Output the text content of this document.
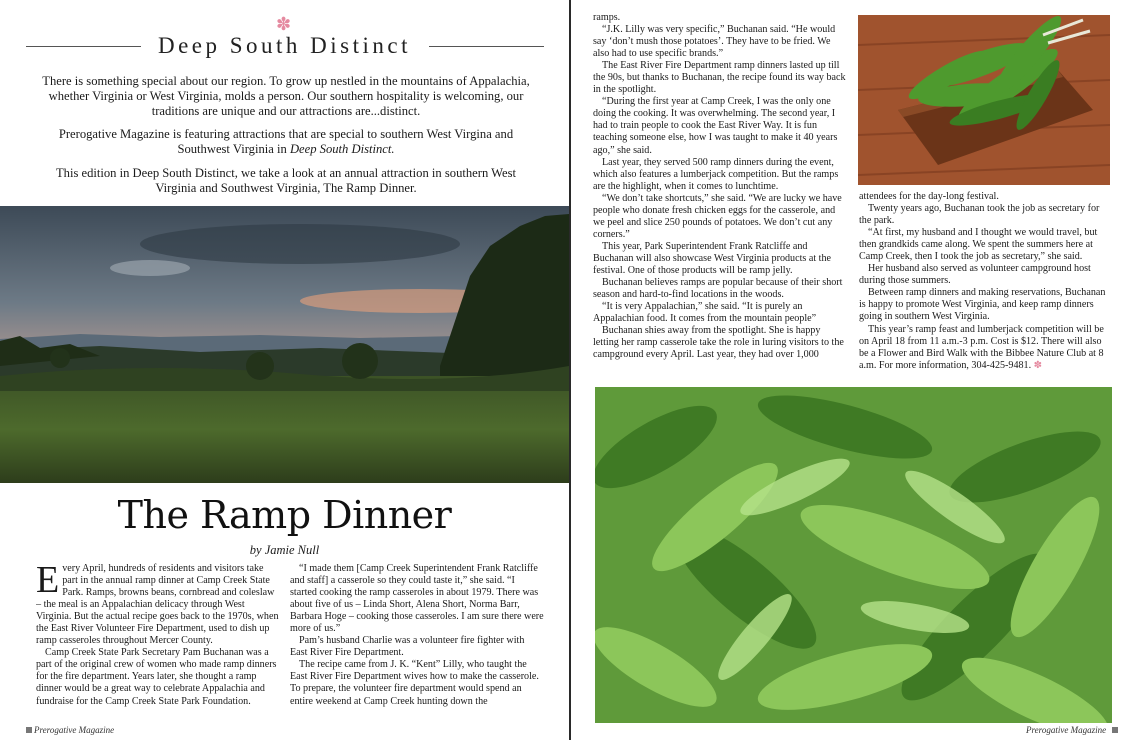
✽
Deep South Distinct

There is something special about our region. To grow up nestled in the mountains of Appalachia, whether Virginia or West Virginia, molds a person. Our southern hospitality is welcoming, our traditions are unique and our attractions are...distinct.

Prerogative Magazine is featuring attractions that are special to southern West Virgina and Southwest Virginia in Deep South Distinct.

This edition in Deep South Distinct, we take a look at an annual attraction in southern West Virginia and Southwest Virginia, The Ramp Dinner.

The Ramp Dinner
by Jamie Null

Every April, hundreds of residents and visitors take part in the annual ramp dinner at Camp Creek State Park. Ramps, browns beans, cornbread and coleslaw – the meal is an Appalachian delicacy through West Virginia. But the actual recipe goes back to the 1970s, when the East River Volunteer Fire Department, used to dish up ramp casseroles throughout Mercer County.

Camp Creek State Park Secretary Pam Buchanan was a part of the original crew of women who made ramp dinners for the fire department. Years later, she thought a ramp dinner would be a great way to celebrate Appalachia and fundraise for the Camp Creek State Park Foundation.

“I made them [Camp Creek Superintendent Frank Ratcliffe and staff] a casserole so they could taste it,” she said. “I started cooking the ramp casseroles in about 1979. There was about five of us – Linda Short, Alena Short, Norma Barr, Barbara Hoge – cooking those casseroles. I am sure there were more of us.”

Pam’s husband Charlie was a volunteer fire fighter with East River Fire Department.

The recipe came from J. K. “Kent” Lilly, who taught the East River Fire Department wives how to make the casserole. To prepare, the volunteer fire department would spend an entire weekend at Camp Creek hunting down the

Prerogative Magazine

ramps.

“J.K. Lilly was very specific,” Buchanan said. “He would say ‘don’t mush those potatoes’. They have to be fried. We also had to use specific brands.”

The East River Fire Department ramp dinners lasted up till the 90s, but thanks to Buchanan, the recipe found its way back in the spotlight.

“During the first year at Camp Creek, I was the only one doing the cooking. It was overwhelming. The second year, I had to train people to cook the East River Way. It is fun teaching someone else, how I was taught to make it 40 years ago,” she said.

Last year, they served 500 ramp dinners during the event, which also features a lumberjack competition. But the ramps are the highlight, when it comes to lunchtime.

“We don’t take shortcuts,” she said. “We are lucky we have people who donate fresh chicken eggs for the casserole, and we peel and slice 250 pounds of potatoes. We don’t cut any corners.”

This year, Park Superintendent Frank Ratcliffe and Buchanan will also showcase West Virginia products at the festival. One of those products will be ramp jelly.

Buchanan believes ramps are popular because of their short season and hard-to-find locations in the woods.

“It is very Appalachian,” she said. “It is purely an Appalachian food. It comes from the mountain people”

Buchanan shies away from the spotlight. She is happy letting her ramp casserole take the role in luring visitors to the campground every April. Last year, they had over 1,000

attendees for the day-long festival.

Twenty years ago, Buchanan took the job as secretary for the park.

“At first, my husband and I thought we would travel, but then grandkids came along. We spent the summers here at Camp Creek, then I took the job as secretary,” she said.

Her husband also served as volunteer campground host during those summers.

Between ramp dinners and making reservations, Buchanan is happy to promote West Virginia, and keep ramp dinners going in southern West Virginia.

This year’s ramp feast and lumberjack competition will be on April 18 from 11 a.m.-3 p.m. Cost is $12. There will also be a Flower and Bird Walk with the Bibbee Nature Club at 8 a.m. For more information, 304-425-9481. ✽

Prerogative Magazine
